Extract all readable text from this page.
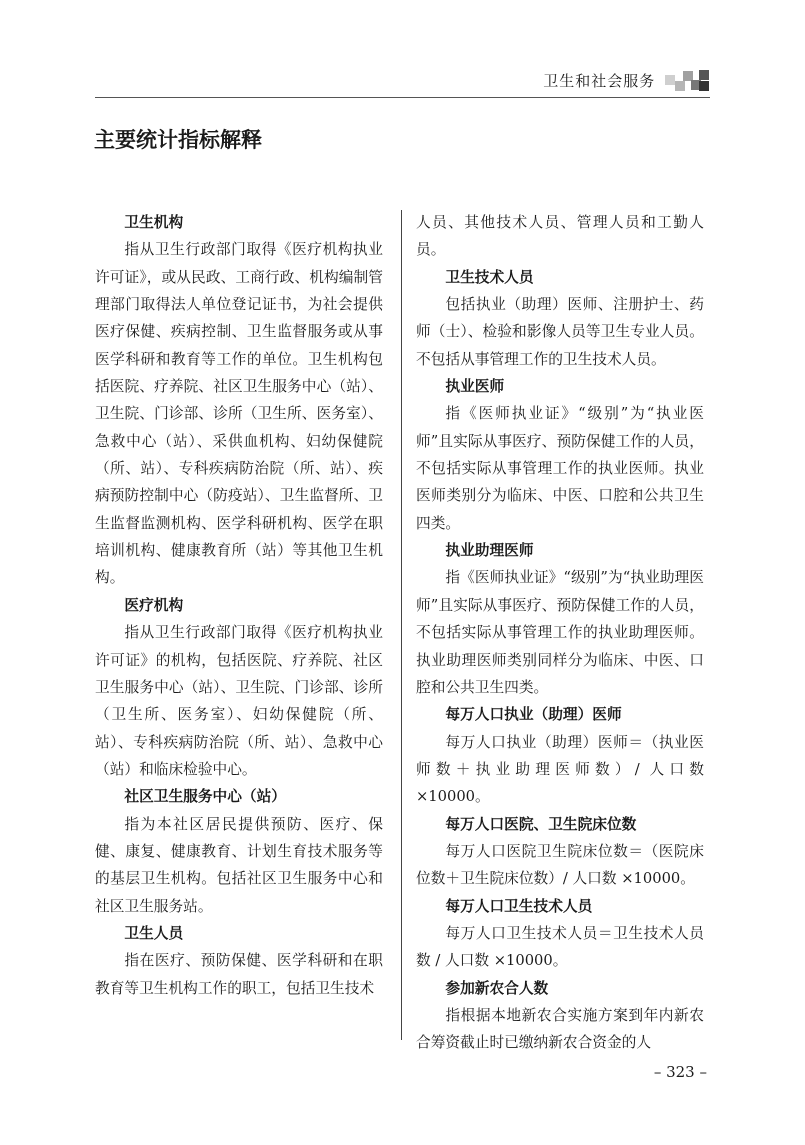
卫生和社会服务
主要统计指标解释
卫生机构

指从卫生行政部门取得《医疗机构执业许可证》，或从民政、工商行政、机构编制管理部门取得法人单位登记证书，为社会提供医疗保健、疾病控制、卫生监督服务或从事医学科研和教育等工作的单位。卫生机构包括医院、疗养院、社区卫生服务中心（站）、卫生院、门诊部、诊所（卫生所、医务室）、急救中心（站）、采供血机构、妇幼保健院（所、站）、专科疾病防治院（所、站）、疾病预防控制中心（防疫站）、卫生监督所、卫生监督监测机构、医学科研机构、医学在职培训机构、健康教育所（站）等其他卫生机构。

医疗机构

指从卫生行政部门取得《医疗机构执业许可证》的机构，包括医院、疗养院、社区卫生服务中心（站）、卫生院、门诊部、诊所（卫生所、医务室）、妇幼保健院（所、站）、专科疾病防治院（所、站）、急救中心（站）和临床检验中心。

社区卫生服务中心（站）

指为本社区居民提供预防、医疗、保健、康复、健康教育、计划生育技术服务等的基层卫生机构。包括社区卫生服务中心和社区卫生服务站。

卫生人员

指在医疗、预防保健、医学科研和在职教育等卫生机构工作的职工，包括卫生技术

人员、其他技术人员、管理人员和工勤人员。

卫生技术人员

包括执业（助理）医师、注册护士、药师（士）、检验和影像人员等卫生专业人员。不包括从事管理工作的卫生技术人员。

执业医师

指《医师执业证》“级别”为“执业医师”且实际从事医疗、预防保健工作的人员，不包括实际从事管理工作的执业医师。执业医师类别分为临床、中医、口腔和公共卫生四类。

执业助理医师

指《医师执业证》“级别”为“执业助理医师”且实际从事医疗、预防保健工作的人员，不包括实际从事管理工作的执业助理医师。执业助理医师类别同样分为临床、中医、口腔和公共卫生四类。

每万人口执业（助理）医师

每万人口执业（助理）医师＝（执业医师数＋执业助理医师数）/ 人口数 ×10000。

每万人口医院、卫生院床位数

每万人口医院卫生院床位数＝（医院床位数＋卫生院床位数）/ 人口数 ×10000。

每万人口卫生技术人员

每万人口卫生技术人员＝卫生技术人员数 / 人口数 ×10000。

参加新农合人数

指根据本地新农合实施方案到年内新农合筹资截止时已缴纳新农合资金的人

– 323 –
